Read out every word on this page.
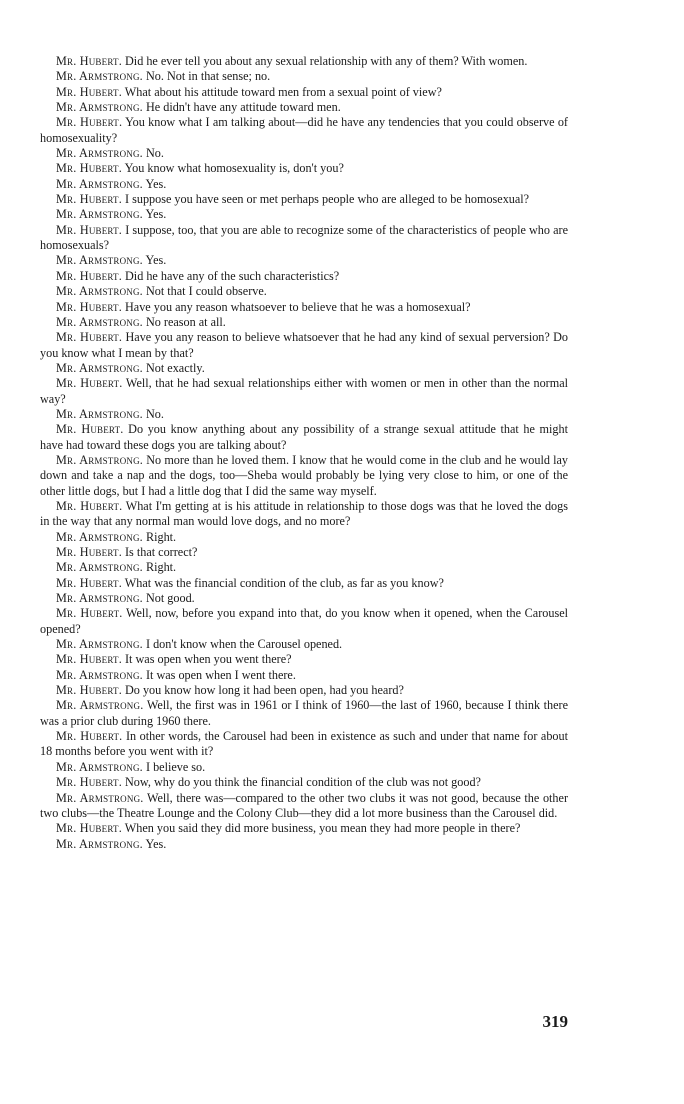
Mr. Hubert. Did he ever tell you about any sexual relationship with any of them? With women.

Mr. Armstrong. No. Not in that sense; no.

Mr. Hubert. What about his attitude toward men from a sexual point of view?

Mr. Armstrong. He didn't have any attitude toward men.

Mr. Hubert. You know what I am talking about—did he have any tendencies that you could observe of homosexuality?

Mr. Armstrong. No.

Mr. Hubert. You know what homosexuality is, don't you?

Mr. Armstrong. Yes.

Mr. Hubert. I suppose you have seen or met perhaps people who are alleged to be homosexual?

Mr. Armstrong. Yes.

Mr. Hubert. I suppose, too, that you are able to recognize some of the characteristics of people who are homosexuals?

Mr. Armstrong. Yes.

Mr. Hubert. Did he have any of the such characteristics?

Mr. Armstrong. Not that I could observe.

Mr. Hubert. Have you any reason whatsoever to believe that he was a homosexual?

Mr. Armstrong. No reason at all.

Mr. Hubert. Have you any reason to believe whatsoever that he had any kind of sexual perversion? Do you know what I mean by that?

Mr. Armstrong. Not exactly.

Mr. Hubert. Well, that he had sexual relationships either with women or men in other than the normal way?

Mr. Armstrong. No.

Mr. Hubert. Do you know anything about any possibility of a strange sexual attitude that he might have had toward these dogs you are talking about?

Mr. Armstrong. No more than he loved them. I know that he would come in the club and he would lay down and take a nap and the dogs, too—Sheba would probably be lying very close to him, or one of the other little dogs, but I had a little dog that I did the same way myself.

Mr. Hubert. What I'm getting at is his attitude in relationship to those dogs was that he loved the dogs in the way that any normal man would love dogs, and no more?

Mr. Armstrong. Right.

Mr. Hubert. Is that correct?

Mr. Armstrong. Right.

Mr. Hubert. What was the financial condition of the club, as far as you know?

Mr. Armstrong. Not good.

Mr. Hubert. Well, now, before you expand into that, do you know when it opened, when the Carousel opened?

Mr. Armstrong. I don't know when the Carousel opened.

Mr. Hubert. It was open when you went there?

Mr. Armstrong. It was open when I went there.

Mr. Hubert. Do you know how long it had been open, had you heard?

Mr. Armstrong. Well, the first was in 1961 or I think of 1960—the last of 1960, because I think there was a prior club during 1960 there.

Mr. Hubert. In other words, the Carousel had been in existence as such and under that name for about 18 months before you went with it?

Mr. Armstrong. I believe so.

Mr. Hubert. Now, why do you think the financial condition of the club was not good?

Mr. Armstrong. Well, there was—compared to the other two clubs it was not good, because the other two clubs—the Theatre Lounge and the Colony Club—they did a lot more business than the Carousel did.

Mr. Hubert. When you said they did more business, you mean they had more people in there?

Mr. Armstrong. Yes.

319
